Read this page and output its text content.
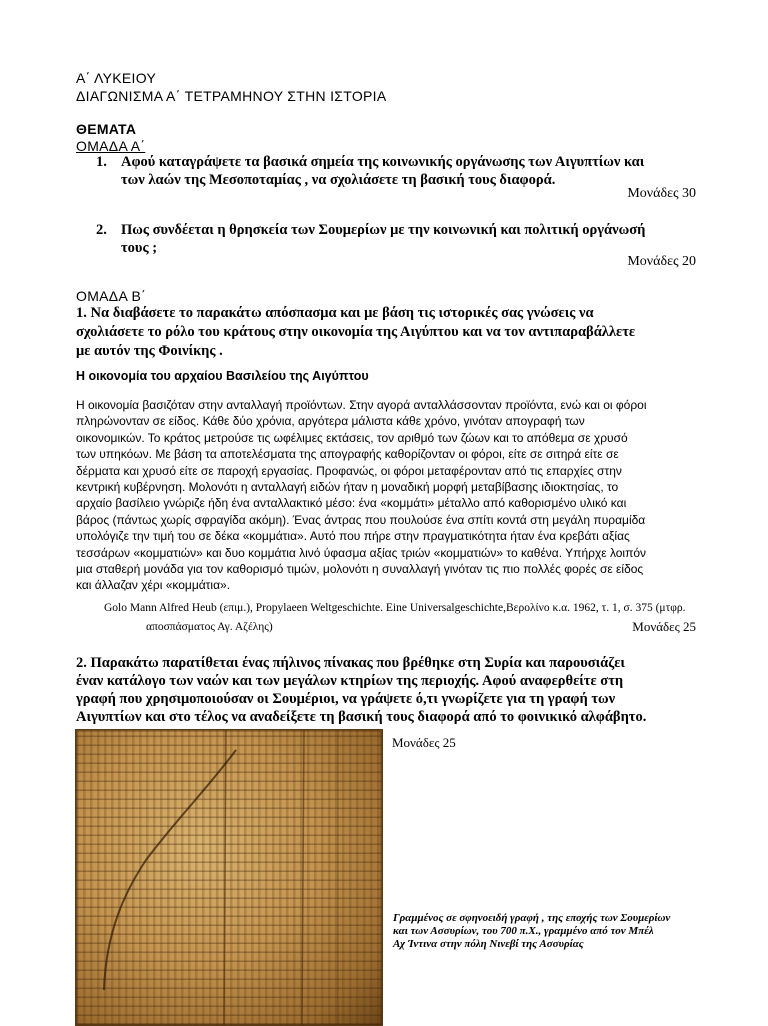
Α΄ ΛΥΚΕΙΟΥ
ΔΙΑΓΩΝΙΣΜΑ Α΄ ΤΕΤΡΑΜΗΝΟΥ ΣΤΗΝ ΙΣΤΟΡΙΑ
ΘΕΜΑΤΑ
ΟΜΑΔΑ Α΄
1. Αφού καταγράψετε τα βασικά σημεία της κοινωνικής οργάνωσης των Αιγυπτίων και
των λαών της Μεσοποταμίας , να σχολιάσετε τη βασική τους διαφορά.
Μονάδες 30
2. Πως συνδέεται η θρησκεία των Σουμερίων με την κοινωνική και πολιτική οργάνωσή
τους ;
Μονάδες 20
ΟΜΑΔΑ Β΄
1. Να διαβάσετε το παρακάτω απόσπασμα και με βάση τις ιστορικές σας γνώσεις να
σχολιάσετε το ρόλο του κράτους στην οικονομία της Αιγύπτου και να τον αντιπαραβάλλετε
με αυτόν της Φοινίκης .
Η οικονομία του αρχαίου Βασιλείου της Αιγύπτου
Η οικονομία βασιζόταν στην ανταλλαγή προϊόντων. Στην αγορά ανταλλάσσονταν προϊόντα, ενώ και οι φόροι
πληρώνονταν σε είδος. Κάθε δύο χρόνια, αργότερα μάλιστα κάθε χρόνο, γινόταν απογραφή των
οικονομικών. Το κράτος μετρούσε τις ωφέλιμες εκτάσεις, τον αριθμό των ζώων και το απόθεμα σε χρυσό
των υπηκόων. Με βάση τα αποτελέσματα της απογραφής καθορίζονταν οι φόροι, είτε σε σιτηρά είτε σε
δέρματα και χρυσό είτε σε παροχή εργασίας. Προφανώς, οι φόροι μεταφέρονταν από τις επαρχίες στην
κεντρική κυβέρνηση. Μολονότι η ανταλλαγή ειδών ήταν η μοναδική μορφή μεταβίβασης ιδιοκτησίας, το
αρχαίο βασίλειο γνώριζε ήδη ένα ανταλλακτικό μέσο: ένα «κομμάτι» μέταλλο από καθορισμένο υλικό και
βάρος (πάντως χωρίς σφραγίδα ακόμη). Ένας άντρας που πουλούσε ένα σπίτι κοντά στη μεγάλη πυραμίδα
υπολόγιζε την τιμή του σε δέκα «κομμάτια». Αυτό που πήρε στην πραγματικότητα ήταν ένα κρεβάτι αξίας
τεσσάρων «κομματιών» και δυο κομμάτια λινό ύφασμα αξίας τριών «κομματιών» το καθένα. Υπήρχε λοιπόν
μια σταθερή μονάδα για τον καθορισμό τιμών, μολονότι η συναλλαγή γινόταν τις πιο πολλές φορές σε είδος
και άλλαζαν χέρι «κομμάτια».
Golo Mann Alfred Heub (επιμ.), Propylaeen Weltgeschichte. Eine Universalgeschichte,Βερολίνο κ.α. 1962, τ. 1, σ. 375 (μτφρ.
αποσπάσματος Αγ. Αζέλης)	Μονάδες 25
2. Παρακάτω παρατίθεται ένας πήλινος πίνακας που βρέθηκε στη Συρία και παρουσιάζει
έναν κατάλογο των ναών και των μεγάλων κτηρίων της περιοχής. Αφού αναφερθείτε στη
γραφή που χρησιμοποιούσαν οι Σουμέριοι, να γράψετε ό,τι γνωρίζετε για τη γραφή των
Αιγυπτίων και στο τέλος να αναδείξετε τη βασική τους διαφορά από το φοινικικό αλφάβητο.
Μονάδες 25
Γραμμένος σε σφηνοειδή γραφή , της εποχής των Σουμερίων
και των Ασσυρίων, του 700 π.Χ., γραμμένο από τον Μπέλ
Αχ Ίντινα στην πόλη Νινεβί της Ασσυρίας
